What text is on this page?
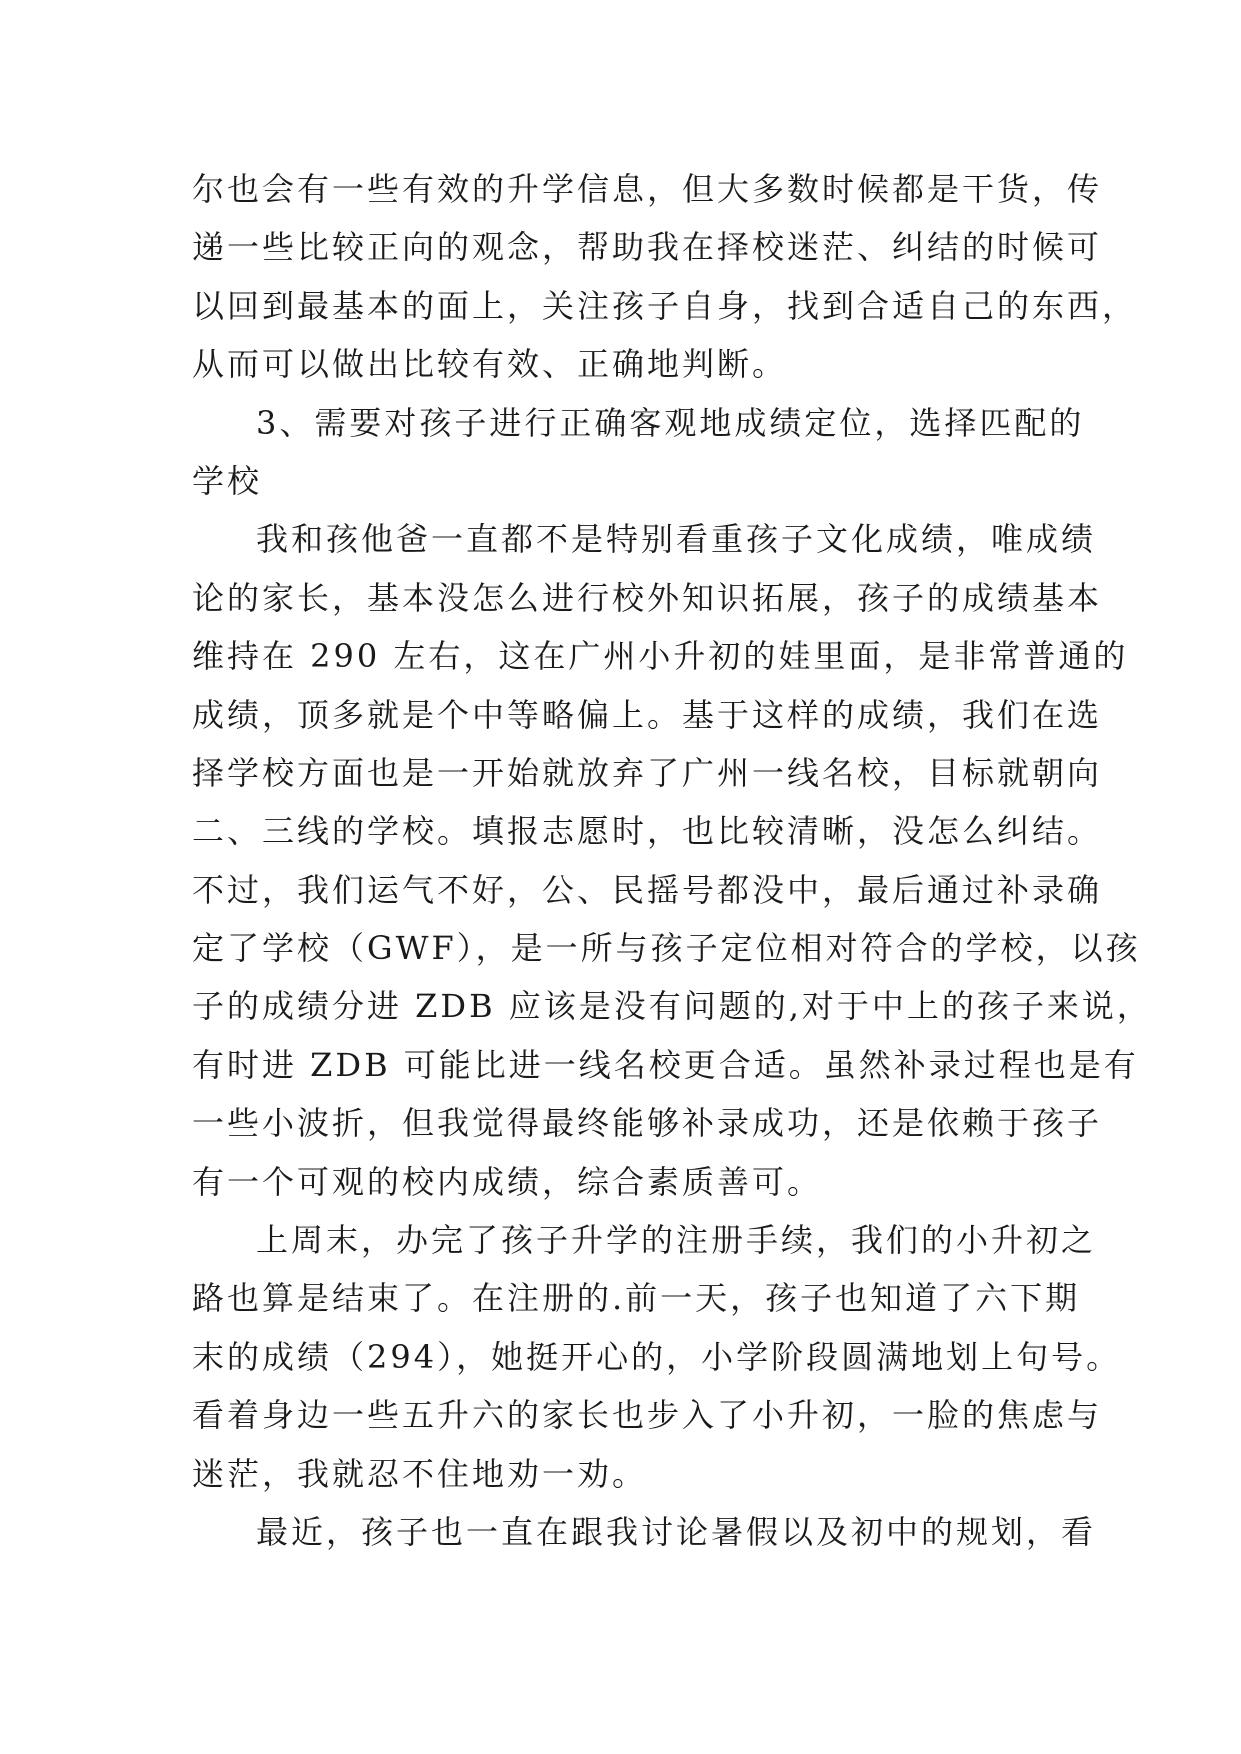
尔也会有一些有效的升学信息，但大多数时候都是干货，传
递一些比较正向的观念，帮助我在择校迷茫、纠结的时候可
以回到最基本的面上，关注孩子自身，找到合适自己的东西，
从而可以做出比较有效、正确地判断。
3、需要对孩子进行正确客观地成绩定位，选择匹配的
学校
我和孩他爸一直都不是特别看重孩子文化成绩，唯成绩
论的家长，基本没怎么进行校外知识拓展，孩子的成绩基本
维持在 290 左右，这在广州小升初的娃里面，是非常普通的
成绩，顶多就是个中等略偏上。基于这样的成绩，我们在选
择学校方面也是一开始就放弃了广州一线名校，目标就朝向
二、三线的学校。填报志愿时，也比较清晰，没怎么纠结。
不过，我们运气不好，公、民摇号都没中，最后通过补录确
定了学校（GWF），是一所与孩子定位相对符合的学校，以孩
子的成绩分进 ZDB 应该是没有问题的,对于中上的孩子来说，
有时进 ZDB 可能比进一线名校更合适。虽然补录过程也是有
一些小波折，但我觉得最终能够补录成功，还是依赖于孩子
有一个可观的校内成绩，综合素质善可。
上周末，办完了孩子升学的注册手续，我们的小升初之
路也算是结束了。在注册的.前一天，孩子也知道了六下期
末的成绩（294），她挺开心的，小学阶段圆满地划上句号。
看着身边一些五升六的家长也步入了小升初，一脸的焦虑与
迷茫，我就忍不住地劝一劝。
最近，孩子也一直在跟我讨论暑假以及初中的规划，看
